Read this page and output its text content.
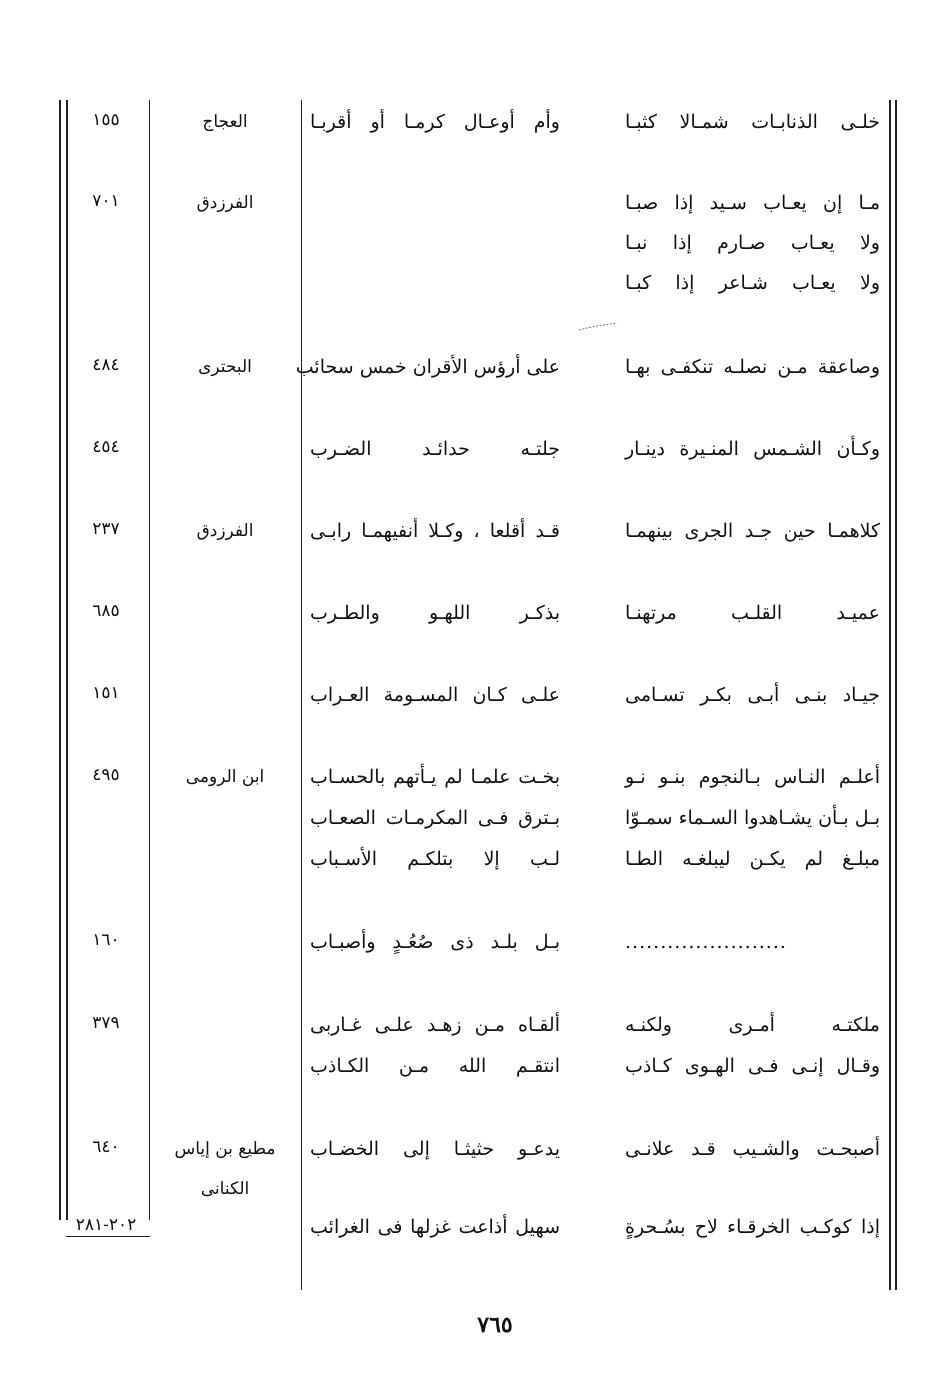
خلـى الذنابـات شمـالا كثبـا
وأم أوعـال كرمـا أو أقربـا
العجاج
١٥٥
مـا إن يعـاب سـيد إذا صبـا
ولا يعـاب صـارم إذا نبـا
ولا يعـاب شـاعر إذا كبـا
الفرزدق
٧٠١
وصاعقة مـن نصلـه تنكفـى بهـا
على أرؤس الأقران خمس سحائب
البحترى
٤٨٤
وكـأن الشـمس المنـيرة دينـار
جلتـه حدائـد الضـرب
٤٥٤
كلاهمـا حين جـد الجرى بينهمـا
قـد أقلعا ، وكـلا أنفيهمـا رابـى
الفرزدق
٢٣٧
عميـد القلـب مرتهنـا
بذكـر اللهـو والطـرب
٦٨٥
جيـاد بنـى أبـى بكـر تسـامى
علـى كـان المسـومة العـراب
١٥١
أعلـم النـاس بـالنجوم بنـو نـو
بخـت علمـا لم يـأتهم بالحسـاب
بـل بـأن يشـاهدوا السـماء سمـوّا
بـترق فـى المكرمـات الصعـاب
مبلـغ لم يكـن ليبلغـه الطـا
لـب إلا بتلكـم الأسـباب
ابن الرومى
٤٩٥
.......................
بـل بلـد ذى صُعُـدٍ وأصبـاب
١٦٠
ملكتـه أمـرى ولكنـه
ألقـاه مـن زهـد علـى غـاربى
وقـال إنـى فـى الهـوى كـاذب
انتقـم الله مـن الكـاذب
٣٧٩
أصبحـت والشـيب قـد علانـى
يدعـو حثيثـا إلى الخضـاب
مطيع بن إياس الكنانى
٦٤٠
إذا كوكـب الخرقـاء لاح بسُـحرةٍ
سهيل أذاعت غزلها فى الغرائب
٢٠٢-٢٨١
٧٦٥
